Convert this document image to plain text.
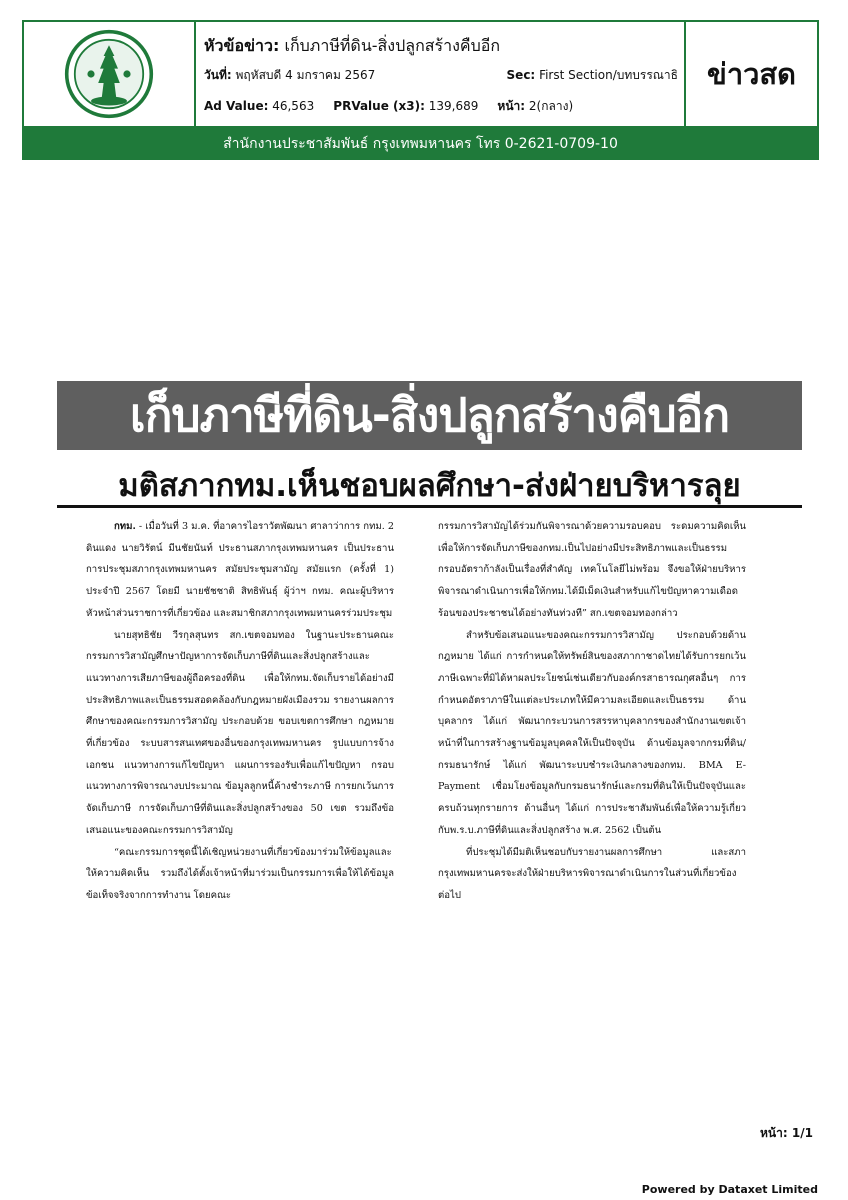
หัวข้อข่าว: เก็บภาษีที่ดิน-สิ่งปลูกสร้างคืบอีก
วันที่: พฤหัสบดี 4 มกราคม 2567	Sec: First Section/บทบรรณาธิ
Ad Value: 46,563 PRValue (x3): 139,689 หน้า: 2(กลาง)
ข่าวสด
สำนักงานประชาสัมพันธ์ กรุงเทพมหานคร โทร 0-2621-0709-10
เก็บภาษีที่ดิน-สิ่งปลูกสร้างคืบอีก
มติสภากทม.เห็นชอบผลศึกษา-ส่งฝ่ายบริหารลุย

กทม. - เมื่อวันที่ 3 ม.ค. ที่อาคารไอราวัตพัฒนา ศาลาว่าการ กทม. 2 ดินแดง นายวิรัตน์ มีนชัยนันท์ ประธานสภากรุงเทพมหานคร เป็นประธานการประชุมสภากรุงเทพมหานคร สมัยประชุมสามัญ สมัยแรก (ครั้งที่ 1) ประจำปี 2567 โดยมี นายชัชชาติ สิทธิพันธุ์ ผู้ว่าฯ กทม. คณะผู้บริหาร หัวหน้าส่วนราชการที่เกี่ยวข้อง และสมาชิกสภากรุงเทพมหานครร่วมประชุม

นายสุทธิชัย วีรกุลสุนทร สก.เขตจอมทอง ในฐานะประธานคณะกรรมการวิสามัญศึกษาปัญหาการจัดเก็บภาษีที่ดินและสิ่งปลูกสร้างและแนวทางการเสียภาษีของผู้ถือครองที่ดิน เพื่อให้กทม.จัดเก็บรายได้อย่างมีประสิทธิภาพและเป็นธรรมสอดคล้องกับกฎหมายผังเมืองรวม รายงานผลการศึกษาของคณะกรรมการวิสามัญ ประกอบด้วย ขอบเขตการศึกษา กฎหมายที่เกี่ยวข้อง ระบบสารสนเทศของอื่นของกรุงเทพมหานคร รูปแบบการจ้างเอกชน แนวทางการแก้ไขปัญหา แผนการรองรับเพื่อแก้ไขปัญหา กรอบแนวทางการพิจารณางบประมาณ ข้อมูลลูกหนี้ค้างชำระภาษี การยกเว้นการจัดเก็บภาษี การจัดเก็บภาษีที่ดินและสิ่งปลูกสร้างของ 50 เขต รวมถึงข้อเสนอแนะของคณะกรรมการวิสามัญ

“คณะกรรมการชุดนี้ได้เชิญหน่วยงานที่เกี่ยวข้องมาร่วมให้ข้อมูลและให้ความคิดเห็น รวมถึงได้ตั้งเจ้าหน้าที่มาร่วมเป็นกรรมการเพื่อให้ได้ข้อมูลข้อเท็จจริงจากการทำงาน โดยคณะ

กรรมการวิสามัญได้ร่วมกันพิจารณาด้วยความรอบคอบ ระดมความคิดเห็นเพื่อให้การจัดเก็บภาษีของกทม.เป็นไปอย่างมีประสิทธิภาพและเป็นธรรม กรอบอัตราก้าลังเป็นเรื่องที่สำคัญ เทคโนโลยีไม่พร้อม จึงขอให้ฝ่ายบริหารพิจารณาดำเนินการเพื่อให้กทม.ได้มีเม็ดเงินสำหรับแก้ไขปัญหาความเดือดร้อนของประชาชนได้อย่างทันท่วงที” สก.เขตจอมทองกล่าว

สำหรับข้อเสนอแนะของคณะกรรมการวิสามัญ ประกอบด้วยด้านกฎหมาย ได้แก่ การกำหนดให้ทรัพย์สินของสภากาชาดไทยได้รับการยกเว้นภาษีเฉพาะที่มิได้หาผลประโยชน์เช่นเดียวกับองค์กรสาธารณกุศลอื่นๆ การกำหนดอัตราภาษีในแต่ละประเภทให้มีความละเอียดและเป็นธรรม ด้านบุคลากร ได้แก่ พัฒนากระบวนการสรรหาบุคลากรของสำนักงานเขตเจ้าหน้าที่ในการสร้างฐานข้อมูลบุคคลให้เป็นปัจจุบัน ด้านข้อมูลจากกรมที่ดิน/กรมธนารักษ์ ได้แก่ พัฒนาระบบชำระเงินกลางของกทม. BMA E-Payment เชื่อมโยงข้อมูลกับกรมธนารักษ์และกรมที่ดินให้เป็นปัจจุบันและครบถ้วนทุกรายการ ด้านอื่นๆ ได้แก่ การประชาสัมพันธ์เพื่อให้ความรู้เกี่ยวกับพ.ร.บ.ภาษีที่ดินและสิ่งปลูกสร้าง พ.ศ. 2562 เป็นต้น

ที่ประชุมได้มีมติเห็นชอบกับรายงานผลการศึกษา และสภากรุงเทพมหานครจะส่งให้ฝ่ายบริหารพิจารณาดำเนินการในส่วนที่เกี่ยวข้องต่อไป

หน้า: 1/1
Powered by Dataxet Limited
